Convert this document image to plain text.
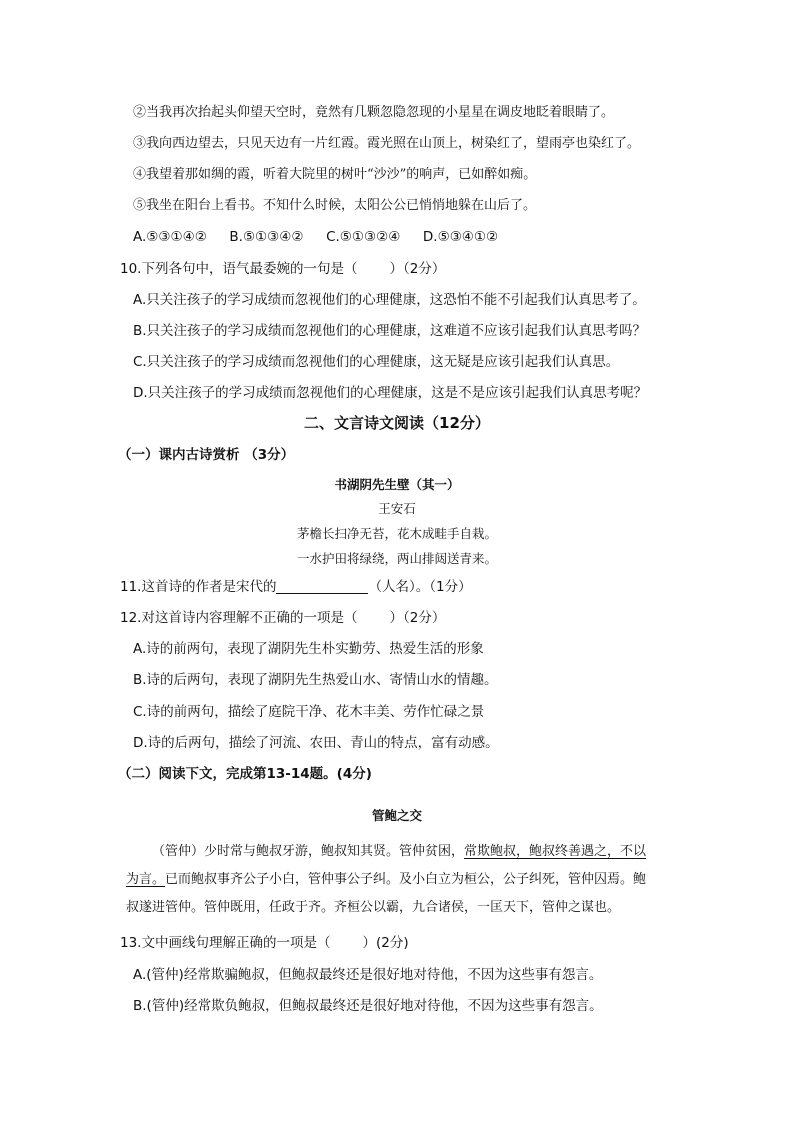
②当我再次抬起头仰望天空时，竟然有几颗忽隐忽现的小星星在调皮地眨着眼睛了。
③我向西边望去，只见天边有一片红霞。霞光照在山顶上，树染红了，望雨亭也染红了。
④我望着那如绸的霞，听着大院里的树叶“沙沙”的响声，已如醉如痴。
⑤我坐在阳台上看书。不知什么时候，太阳公公已悄悄地躲在山后了。
A.⑤③①④② B.⑤①③④② C.⑤①③②④ D.⑤③④①②
10.下列各句中，语气最委婉的一句是（ ）（2分）
A.只关注孩子的学习成绩而忽视他们的心理健康，这恐怕不能不引起我们认真思考了。
B.只关注孩子的学习成绩而忽视他们的心理健康，这难道不应该引起我们认真思考吗？
C.只关注孩子的学习成绩而忽视他们的心理健康，这无疑是应该引起我们认真思。
D.只关注孩子的学习成绩而忽视他们的心理健康，这是不是应该引起我们认真思考呢？
二、文言诗文阅读（12分）
（一）课内古诗赏析 （3分）
书湖阴先生壁（其一）
王安石
茅檐长扫净无苔，花木成畦手自栽。
一水护田将绿绕，两山排闼送青来。
11.这首诗的作者是宋代的	（人名）。（1分）
12.对这首诗内容理解不正确的一项是（ ）（2分）
A.诗的前两句，表现了湖阴先生朴实勤劳、热爱生活的形象
B.诗的后两句，表现了湖阴先生热爱山水、寄情山水的情趣。
C.诗的前两句，描绘了庭院干净、花木丰美、劳作忙碌之景
D.诗的后两句，描绘了河流、农田、青山的特点，富有动感。
（二）阅读下文，完成第13-14题。(4分)
管鲍之交
（管仲）少时常与鲍叔牙游，鲍叔知其贤。管仲贫困，常欺鲍叔，鲍叔终善遇之，不以
为言。已而鲍叔事齐公子小白，管仲事公子纠。及小白立为桓公，公子纠死，管仲囚焉。鲍
叔遂进管仲。管仲既用，任政于齐。齐桓公以霸，九合诸侯，一匡天下，管仲之谋也。
13.文中画线句理解正确的一项是（ ）(2分)
A.(管仲)经常欺骗鲍叔，但鲍叔最终还是很好地对待他，不因为这些事有怨言。
B.(管仲)经常欺负鲍叔，但鲍叔最终还是很好地对待他，不因为这些事有怨言。
